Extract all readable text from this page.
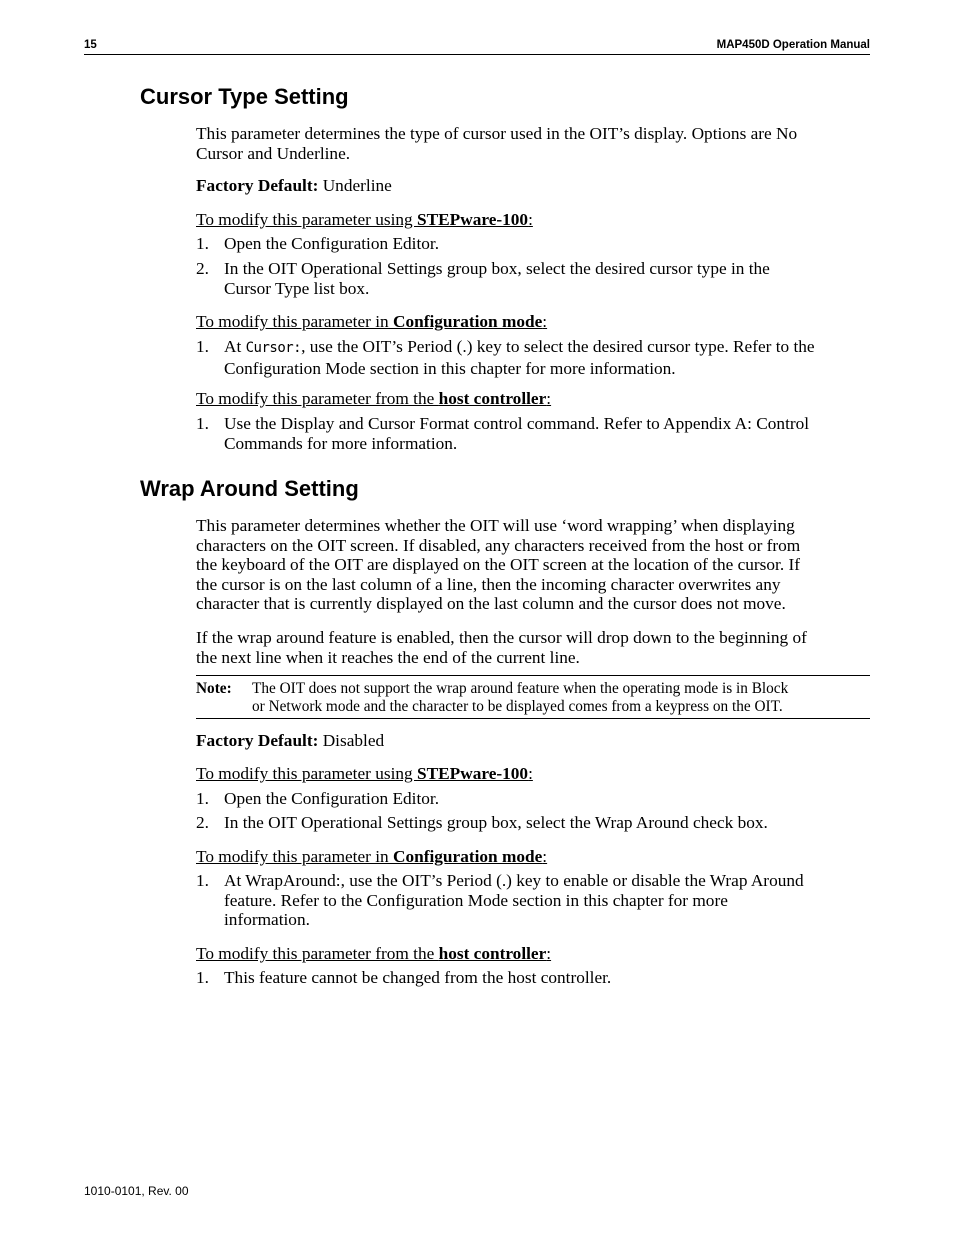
15	MAP450D Operation Manual
Cursor Type Setting

This parameter determines the type of cursor used in the OIT’s display. Options are No

Cursor and Underline.

Factory Default: Underline
To modify this parameter using STEPware-100:
1. Open the Configuration Editor.
2. In the OIT Operational Settings group box, select the desired cursor type in the
Cursor Type list box.
To modify this parameter in Configuration mode:
1. At Cursor:, use the OIT’s Period (.) key to select the desired cursor type. Refer to the
Configuration Mode section in this chapter for more information.
To modify this parameter from the host controller:
1. Use the Display and Cursor Format control command. Refer to Appendix A: Control
Commands for more information.
Wrap Around Setting

This parameter determines whether the OIT will use ‘word wrapping’ when displaying

characters on the OIT screen. If disabled, any characters received from the host or from

the keyboard of the OIT are displayed on the OIT screen at the location of the cursor. If

the cursor is on the last column of a line, then the incoming character overwrites any

character that is currently displayed on the last column and the cursor does not move.

If the wrap around feature is enabled, then the cursor will drop down to the beginning of

the next line when it reaches the end of the current line.

Note: The OIT does not support the wrap around feature when the operating mode is in Block
or Network mode and the character to be displayed comes from a keypress on the OIT.
Factory Default: Disabled
To modify this parameter using STEPware-100:
1. Open the Configuration Editor.
2. In the OIT Operational Settings group box, select the Wrap Around check box.
To modify this parameter in Configuration mode:
1. At WrapAround:, use the OIT’s Period (.) key to enable or disable the Wrap Around
feature. Refer to the Configuration Mode section in this chapter for more
information.
To modify this parameter from the host controller:
1. This feature cannot be changed from the host controller.
1010-0101, Rev. 00
